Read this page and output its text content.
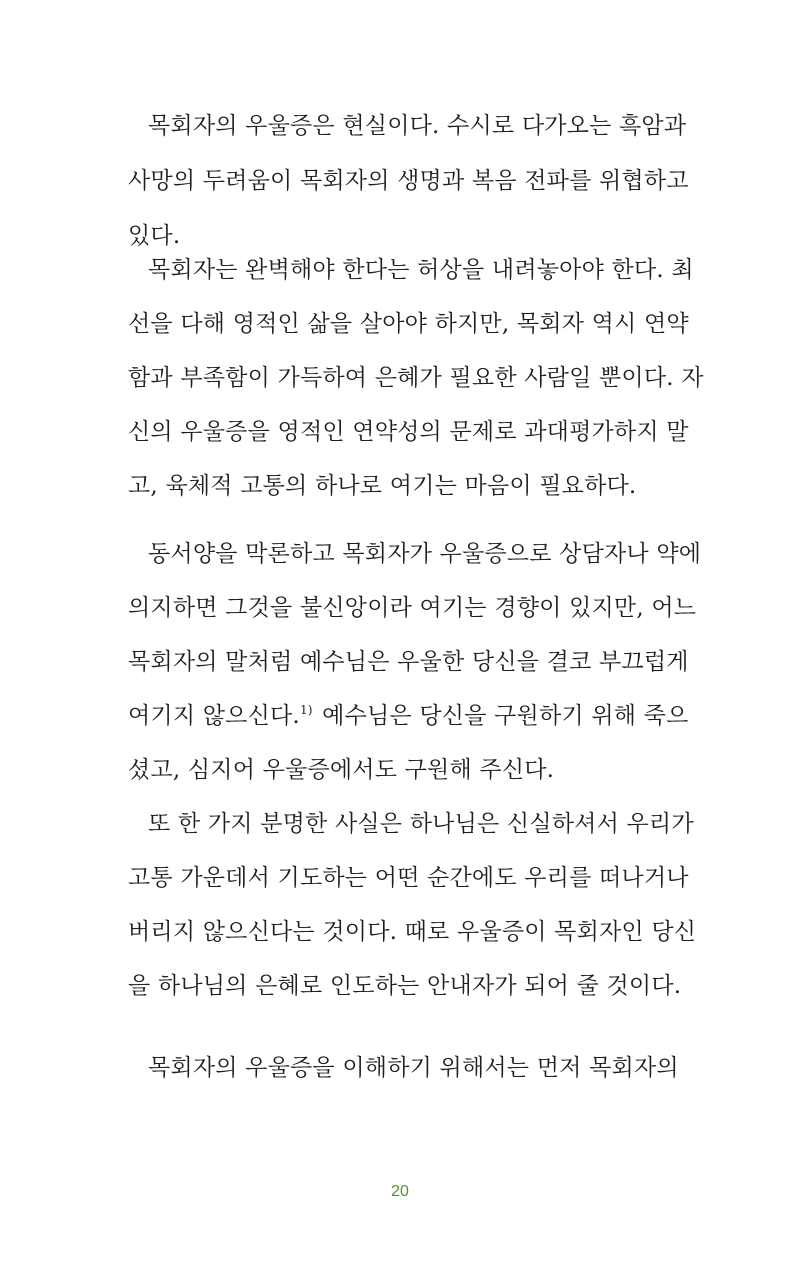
목회자의 우울증은 현실이다. 수시로 다가오는 흑암과
사망의 두려움이 목회자의 생명과 복음 전파를 위협하고
있다.
목회자는 완벽해야 한다는 허상을 내려놓아야 한다. 최
선을 다해 영적인 삶을 살아야 하지만, 목회자 역시 연약
함과 부족함이 가득하여 은혜가 필요한 사람일 뿐이다. 자
신의 우울증을 영적인 연약성의 문제로 과대평가하지 말
고, 육체적 고통의 하나로 여기는 마음이 필요하다.
동서양을 막론하고 목회자가 우울증으로 상담자나 약에
의지하면 그것을 불신앙이라 여기는 경향이 있지만, 어느
목회자의 말처럼 예수님은 우울한 당신을 결코 부끄럽게
여기지 않으신다.$^{1)}$ 예수님은 당신을 구원하기 위해 죽으
셨고, 심지어 우울증에서도 구원해 주신다.
또 한 가지 분명한 사실은 하나님은 신실하셔서 우리가
고통 가운데서 기도하는 어떤 순간에도 우리를 떠나거나
버리지 않으신다는 것이다. 때로 우울증이 목회자인 당신
을 하나님의 은혜로 인도하는 안내자가 되어 줄 것이다.
목회자의 우울증을 이해하기 위해서는 먼저 목회자의
20
